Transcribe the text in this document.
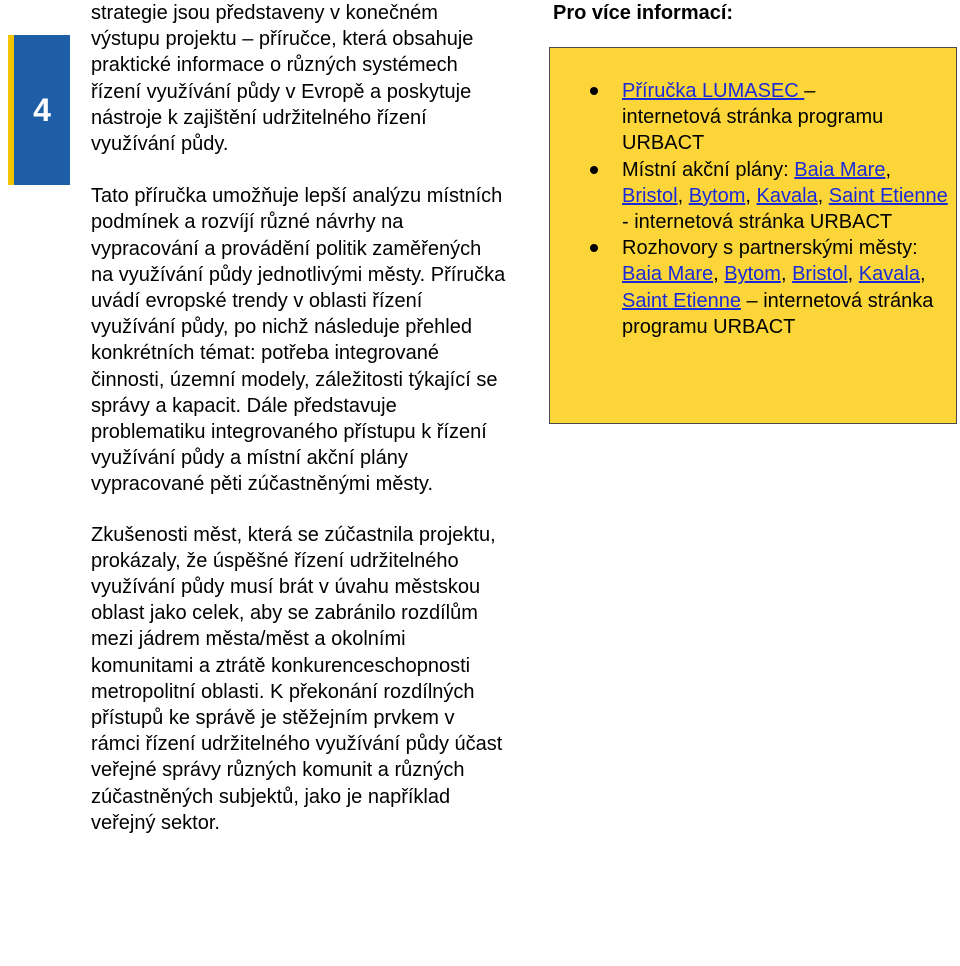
4

strategie jsou představeny v konečném výstupu projektu – příručce, která obsahuje praktické informace o různých systémech řízení využívání půdy v Evropě a poskytuje nástroje k zajištění udržitelného řízení využívání půdy.

Tato příručka umožňuje lepší analýzu místních podmínek a rozvíjí různé návrhy na vypracování a provádění politik zaměřených na využívání půdy jednotlivými městy. Příručka uvádí evropské trendy v oblasti řízení využívání půdy, po nichž následuje přehled konkrétních témat: potřeba integrované činnosti, územní modely, záležitosti týkající se správy a kapacit. Dále představuje problematiku integrovaného přístupu k řízení využívání půdy a místní akční plány vypracované pěti zúčastněnými městy.

Zkušenosti měst, která se zúčastnila projektu, prokázaly, že úspěšné řízení udržitelného využívání půdy musí brát v úvahu městskou oblast jako celek, aby se zabránilo rozdílům mezi jádrem města/měst a okolními komunitami a ztrátě konkurenceschopnosti metropolitní oblasti. K překonání rozdílných přístupů ke správě je stěžejním prvkem v rámci řízení udržitelného využívání půdy účast veřejné správy různých komunit a různých zúčastněných subjektů, jako je například veřejný sektor.

Pro více informací:
Příručka LUMASEC –
internetová stránka programu URBACT
Místní akční plány: Baia Mare, Bristol, Bytom, Kavala, Saint Etienne - internetová stránka URBACT
Rozhovory s partnerskými městy: Baia Mare, Bytom, Bristol, Kavala, Saint Etienne – internetová stránka programu URBACT
